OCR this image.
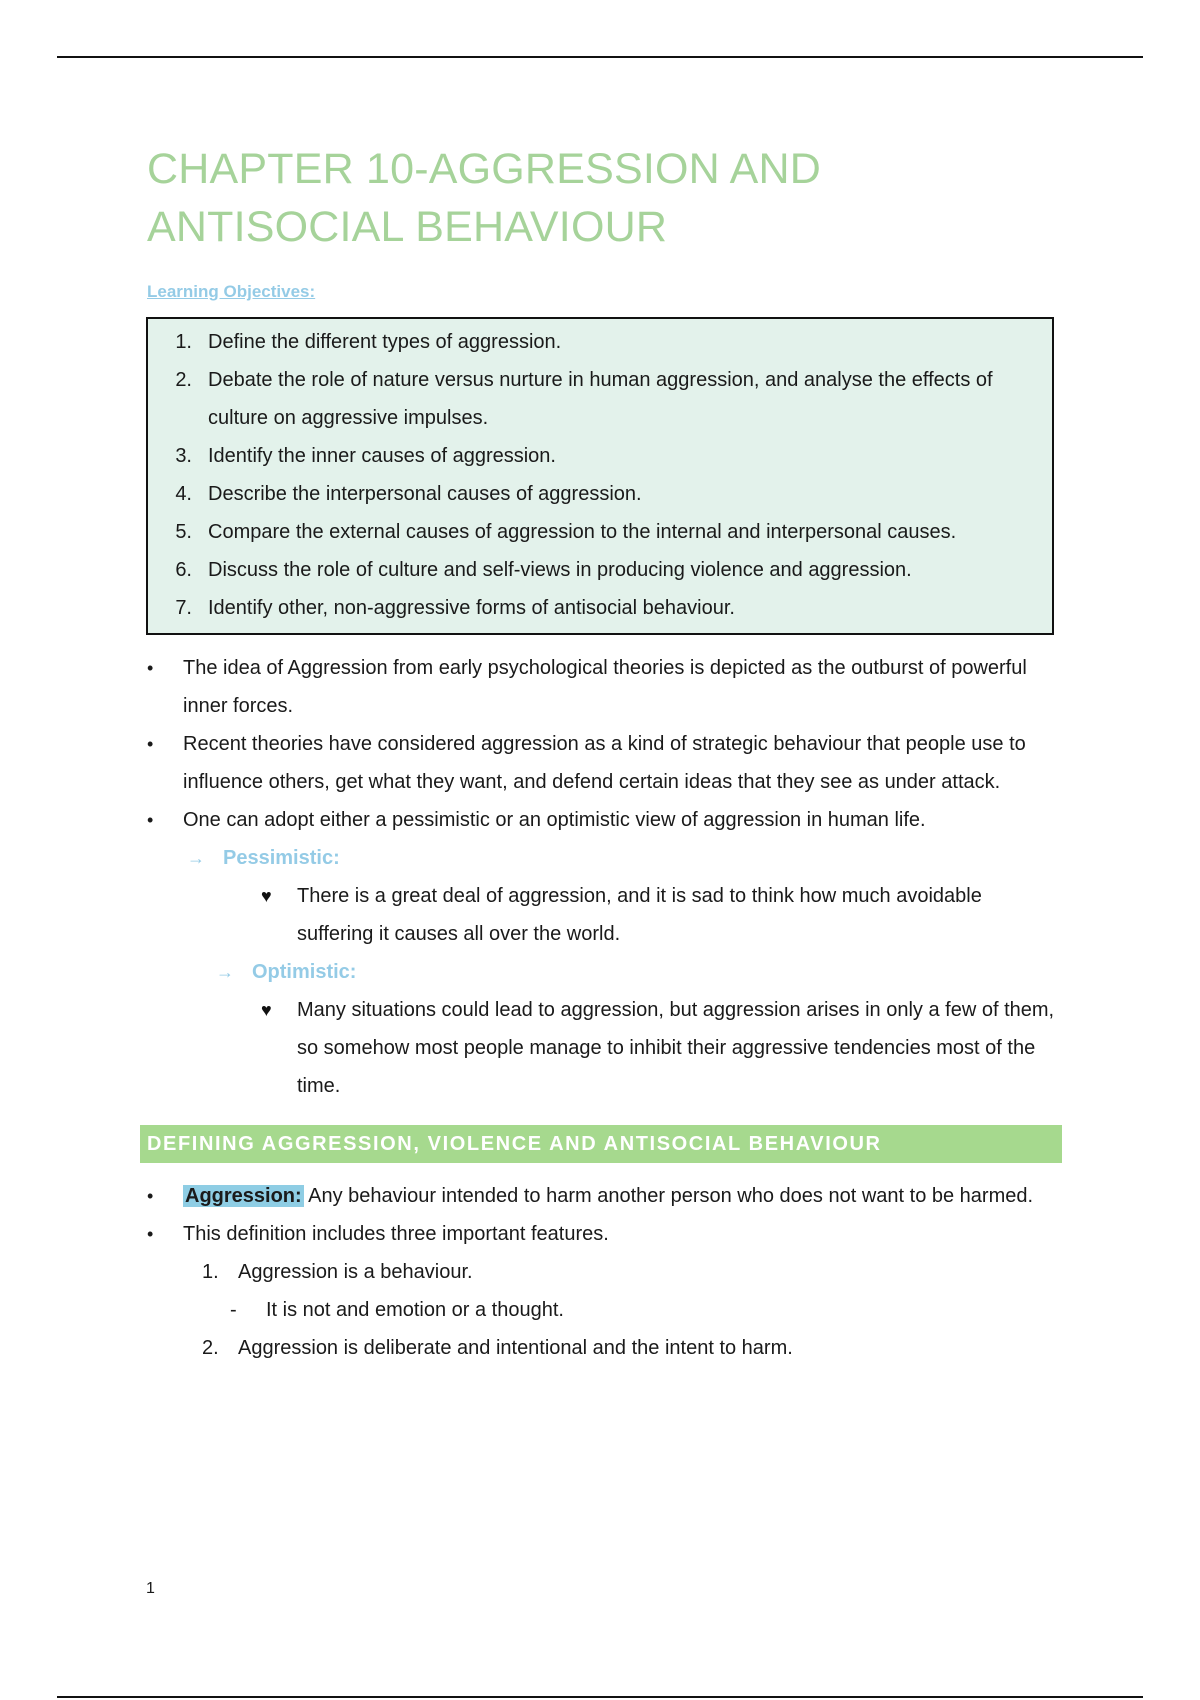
CHAPTER 10-AGGRESSION AND
ANTISOCIAL BEHAVIOUR
Learning Objectives:
1. Define the different types of aggression.
2. Debate the role of nature versus nurture in human aggression, and analyse the effects of culture on aggressive impulses.
3. Identify the inner causes of aggression.
4. Describe the interpersonal causes of aggression.
5. Compare the external causes of aggression to the internal and interpersonal causes.
6. Discuss the role of culture and self-views in producing violence and aggression.
7. Identify other, non-aggressive forms of antisocial behaviour.
•	The idea of Aggression from early psychological theories is depicted as the outburst of powerful inner forces.
•	Recent theories have considered aggression as a kind of strategic behaviour that people use to influence others, get what they want, and defend certain ideas that they see as under attack.
•	One can adopt either a pessimistic or an optimistic view of aggression in human life.
→ Pessimistic:
♥	There is a great deal of aggression, and it is sad to think how much avoidable suffering it causes all over the world.
→ Optimistic:
♥	Many situations could lead to aggression, but aggression arises in only a few of them, so somehow most people manage to inhibit their aggressive tendencies most of the time.
DEFINING AGGRESSION, VIOLENCE AND ANTISOCIAL BEHAVIOUR
•	Aggression: Any behaviour intended to harm another person who does not want to be harmed.
•	This definition includes three important features.
1. Aggression is a behaviour.
-	It is not and emotion or a thought.
2. Aggression is deliberate and intentional and the intent to harm.
1
